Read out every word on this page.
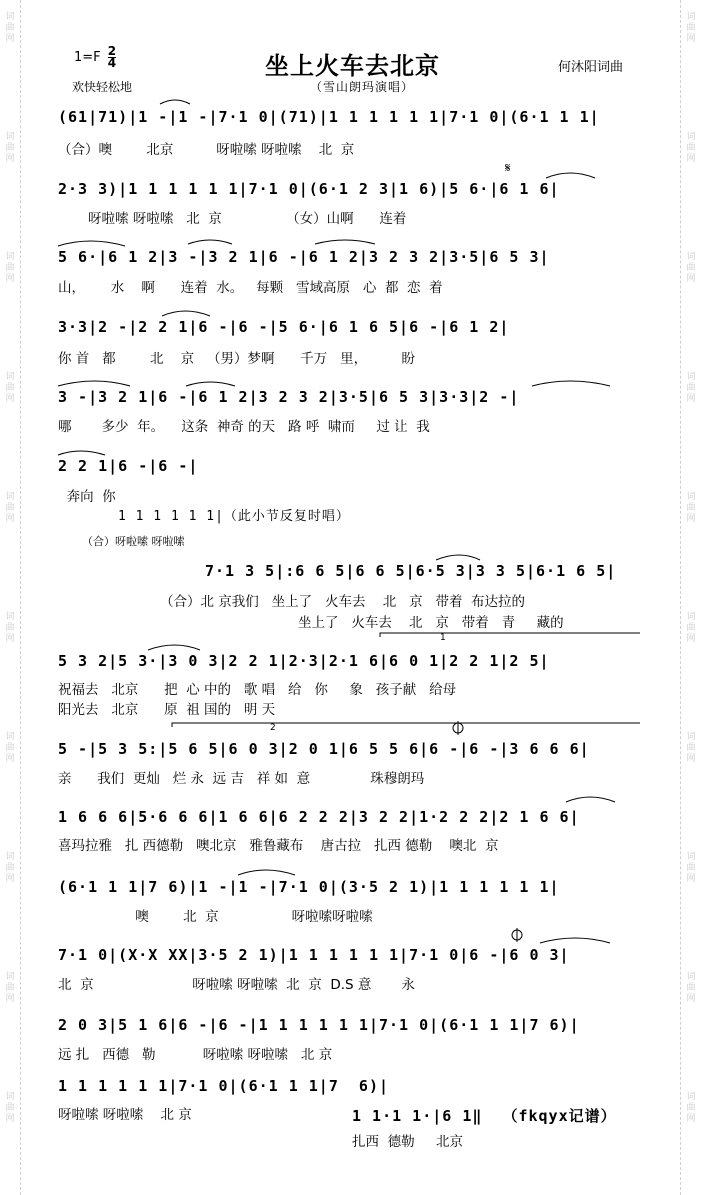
词曲网
词曲网
词曲网
词曲网
词曲网
词曲网
词曲网
词曲网
词曲网
词曲网
词曲网
词曲网
词曲网
词曲网
词曲网
词曲网
词曲网
词曲网
词曲网
词曲网
$1=F \frac{2}{4}$	坐上火车去北京	何沐阳词曲
欢快轻松地	（雪山朗玛演唱）
(61|71)|1 -|1 -|7·1 0|(71)|1 1 1 1 1 1|7·1 0|(6·1 1 1|
（合）噢        北京          呀啦嗦 呀啦嗦    北  京
2·3 3)|1 1 1 1 1 1|7·1 0|(6·1 2 3|1 6)|5 6·|6 1 6|
呀啦嗦 呀啦嗦   北  京               （女）山啊      连着
5 6·|6 1 2|3 -|3 2 1|6 -|6 1 2|3 2 3 2|3·5|6 5 3|
山，      水    啊      连着  水。   每颗   雪域高原   心  都  恋  着
3·3|2 -|2 2 1|6 -|6 -|5 6·|6 1 6 5|6 -|6 1 2|
你 首   都        北    京   （男）梦啊      千万   里，        盼
3 -|3 2 1|6 -|6 1 2|3 2 3 2|3·5|6 5 3|3·3|2 -|
哪       多少  年。    这条  神奇 的天   路 呼  啸而     过 让  我
2 2 1|6 -|6 -|
奔向  你
1 1 1 1 1 1|（此小节反复时唱）
（合）呀啦嗦 呀啦嗦
7·1 3 5|:6 6 5|6 6 5|6·5 3|3 3 5|6·1 6 5|
（合）北 京我们   坐上了   火车去    北   京   带着  布达拉的
坐上了   火车去    北   京   带着   青     藏的
5 3 2|5 3·|3 0 3|2 2 1|2·3|2·1 6|6 0 1|2 2 1|2 5|
祝福去   北京      把  心 中的   歌 唱   给   你     象   孩子献   给母
阳光去   北京      原  祖 国的   明 天
5 -|5 3 5:|5 6 5|6 0 3|2 0 1|6 5 5 6|6 -|6 -|3 6 6 6|
亲      我们  更灿   烂 永  远 吉   祥 如  意              珠穆朗玛
1 6 6 6|5·6 6 6|1 6 6|6 2 2 2|3 2 2|1·2 2 2|2 1 6 6|
喜玛拉雅   扎 西德勒   噢北京   雅鲁藏布    唐古拉   扎西 德勒    噢北  京
(6·1 1 1|7 6)|1 -|1 -|7·1 0|(3·5 2 1)|1 1 1 1 1 1|
噢        北  京                 呀啦嗦呀啦嗦
7·1 0|(X·X XX|3·5 2 1)|1 1 1 1 1 1|7·1 0|6 -|6 0 3|
北  京                       呀啦嗦 呀啦嗦  北  京  D.S 意       永
2 0 3|5 1 6|6 -|6 -|1 1 1 1 1 1|7·1 0|(6·1 1 1|7 6)|
远 扎   西德   勒           呀啦嗦 呀啦嗦   北 京
1 1 1 1 1 1|7·1 0|(6·1 1 1|7  6)|
呀啦嗦 呀啦嗦    北 京	1 1·1 1·|6 1‖  （fkqyx记谱）
扎西  德勒     北京
1
2
𝄋
